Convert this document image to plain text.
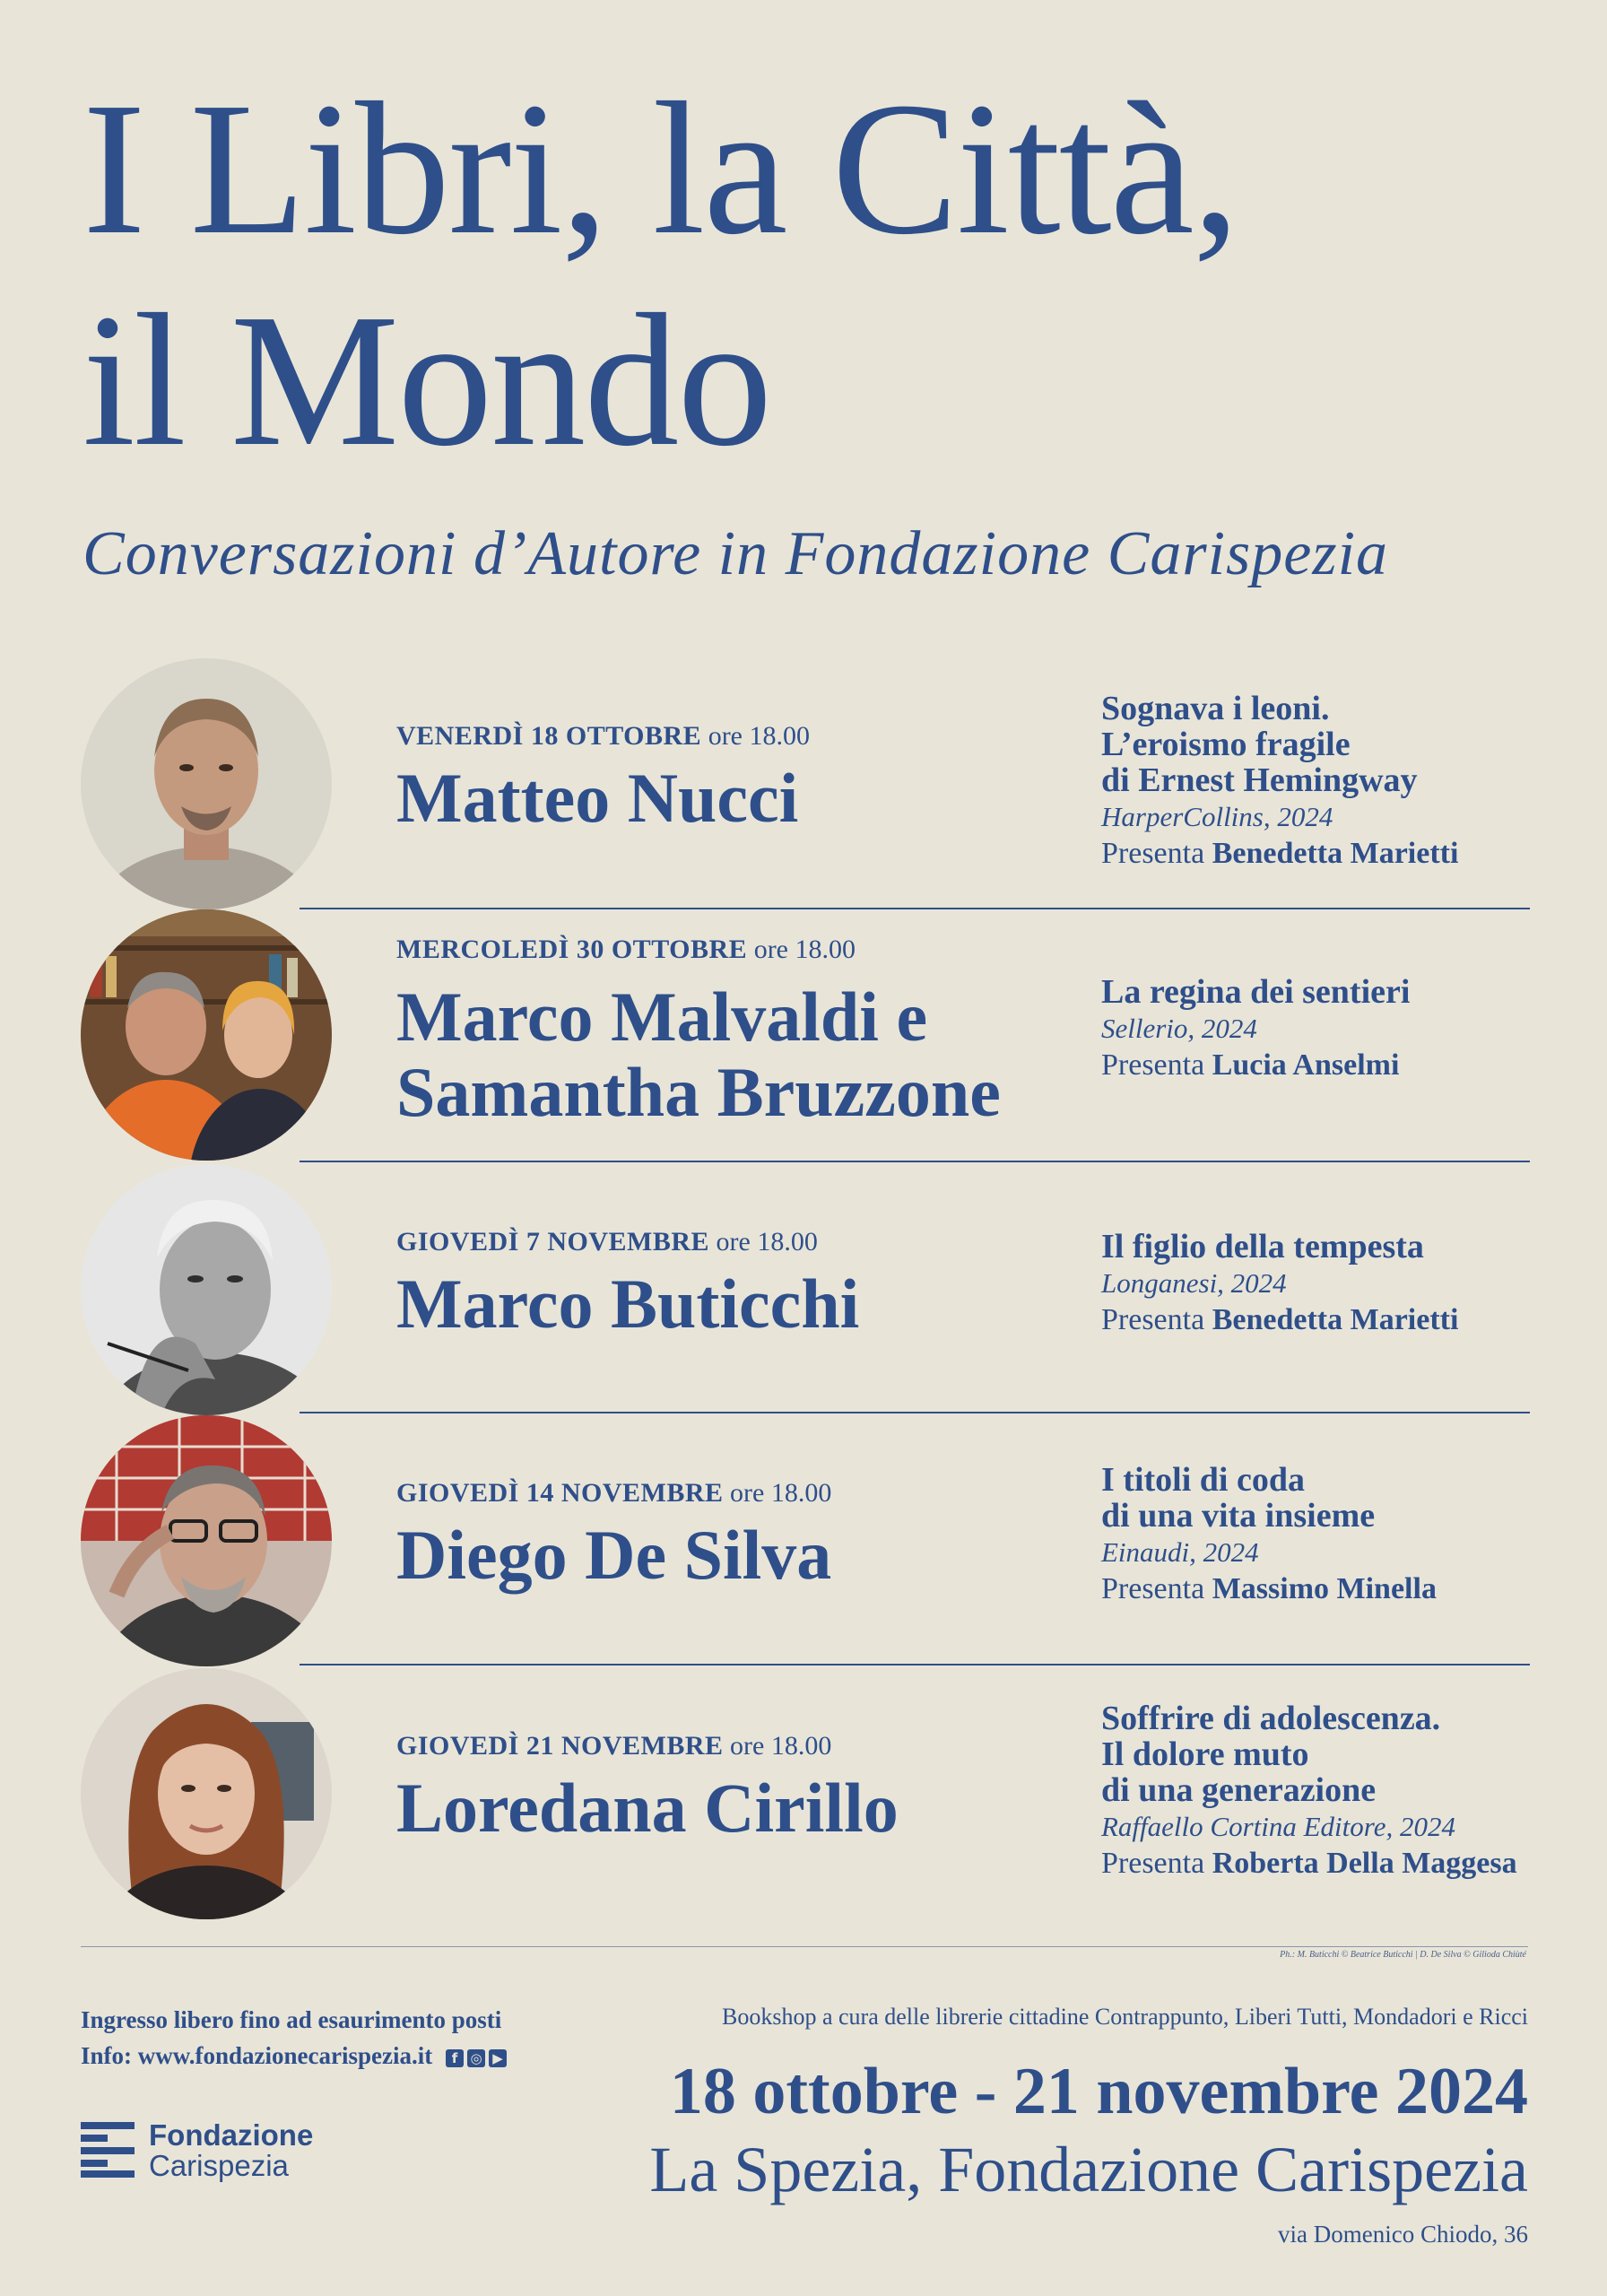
I Libri, la Città,
il Mondo
Conversazioni d’Autore in Fondazione Carispezia
VENERDÌ 18 OTTOBRE ore 18.00
Matteo Nucci
Sognava i leoni.
L’eroismo fragile
di Ernest Hemingway
HarperCollins, 2024
Presenta Benedetta Marietti
MERCOLEDÌ 30 OTTOBRE ore 18.00
Marco Malvaldi e
Samantha Bruzzone
La regina dei sentieri
Sellerio, 2024
Presenta Lucia Anselmi
GIOVEDÌ 7 NOVEMBRE ore 18.00
Marco Buticchi
Il figlio della tempesta
Longanesi, 2024
Presenta Benedetta Marietti
GIOVEDÌ 14 NOVEMBRE ore 18.00
Diego De Silva
I titoli di coda
di una vita insieme
Einaudi, 2024
Presenta Massimo Minella
GIOVEDÌ 21 NOVEMBRE ore 18.00
Loredana Cirillo
Soffrire di adolescenza.
Il dolore muto
di una generazione
Raffaello Cortina Editore, 2024
Presenta Roberta Della Maggesa
Ph.: M. Buticchi © Beatrice Buticchi | D. De Silva © Gilioda Chiùté
Ingresso libero fino ad esaurimento posti
Info: www.fondazionecarispezia.it	f ◎ ▶
Fondazione
Carispezia
Bookshop a cura delle librerie cittadine Contrappunto, Liberi Tutti, Mondadori e Ricci
18 ottobre - 21 novembre 2024
La Spezia, Fondazione Carispezia
via Domenico Chiodo, 36
